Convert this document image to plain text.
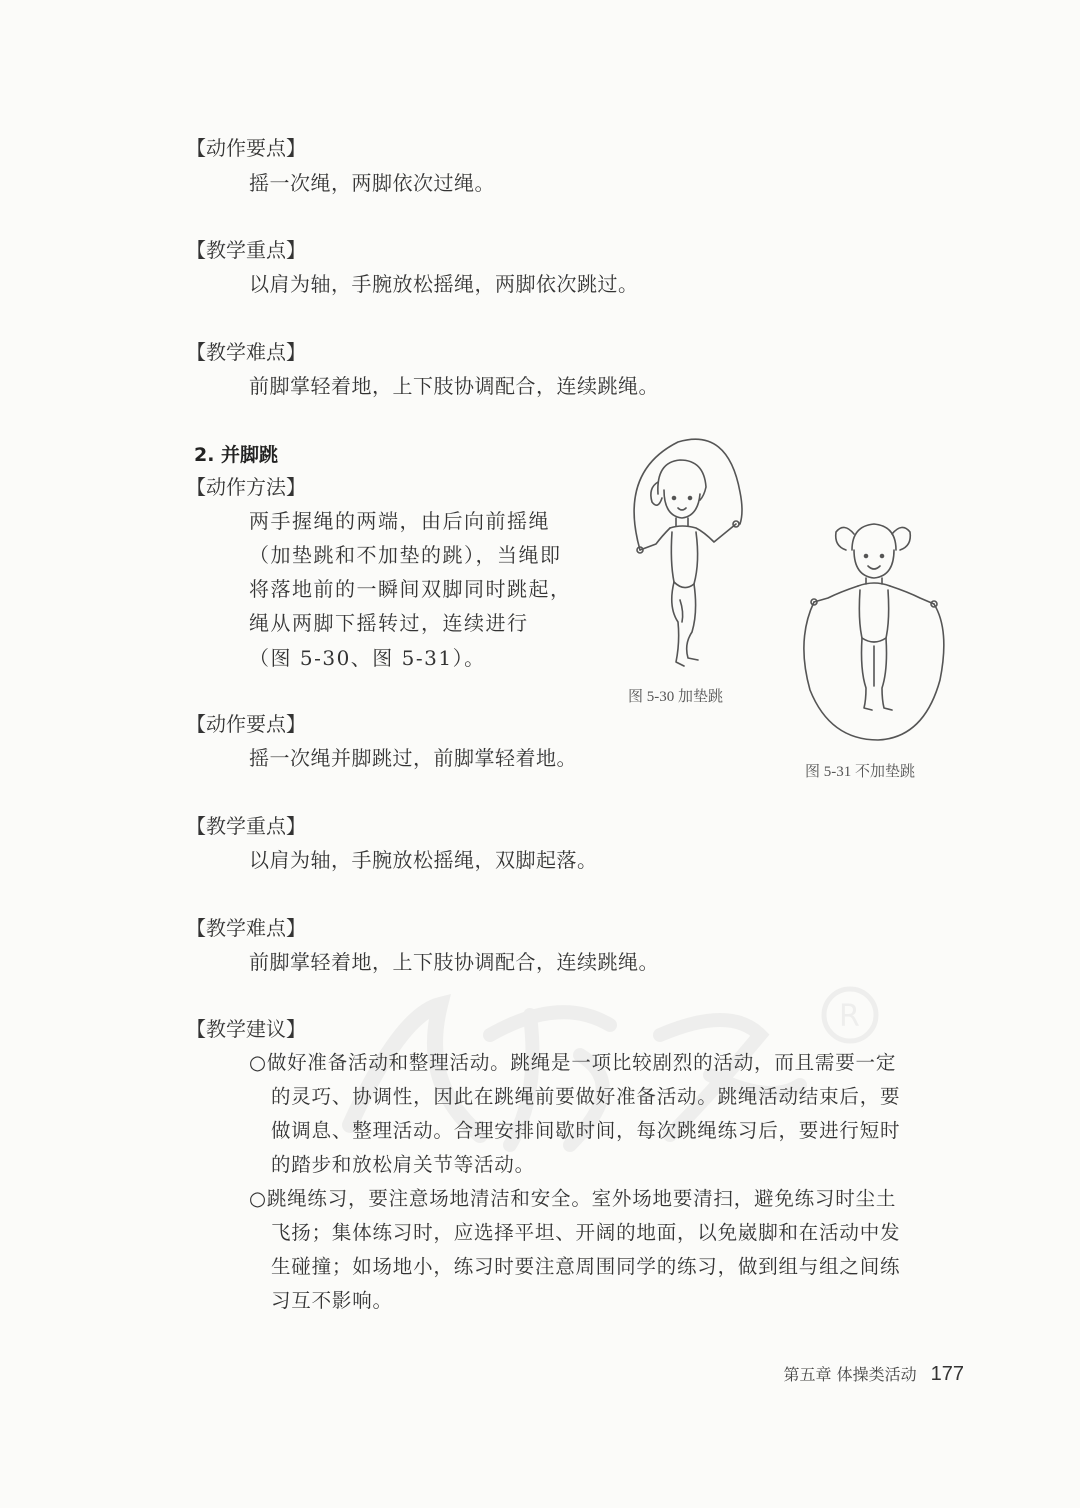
R
【动作要点】
摇一次绳，两脚依次过绳。
【教学重点】
以肩为轴，手腕放松摇绳，两脚依次跳过。
【教学难点】
前脚掌轻着地，上下肢协调配合，连续跳绳。
2. 并脚跳
【动作方法】
两手握绳的两端，由后向前摇绳
（加垫跳和不加垫的跳），当绳即
将落地前的一瞬间双脚同时跳起，
绳从两脚下摇转过，连续进行
（图 5-30、图 5-31）。
图 5-30 加垫跳
图 5-31 不加垫跳
【动作要点】
摇一次绳并脚跳过，前脚掌轻着地。
【教学重点】
以肩为轴，手腕放松摇绳，双脚起落。
【教学难点】
前脚掌轻着地，上下肢协调配合，连续跳绳。
【教学建议】
○做好准备活动和整理活动。跳绳是一项比较剧烈的活动，而且需要一定
的灵巧、协调性，因此在跳绳前要做好准备活动。跳绳活动结束后，要
做调息、整理活动。合理安排间歇时间，每次跳绳练习后，要进行短时
的踏步和放松肩关节等活动。
○跳绳练习，要注意场地清洁和安全。室外场地要清扫，避免练习时尘土
飞扬；集体练习时，应选择平坦、开阔的地面，以免崴脚和在活动中发
生碰撞；如场地小，练习时要注意周围同学的练习，做到组与组之间练
习互不影响。
第五章 体操类活动 177
